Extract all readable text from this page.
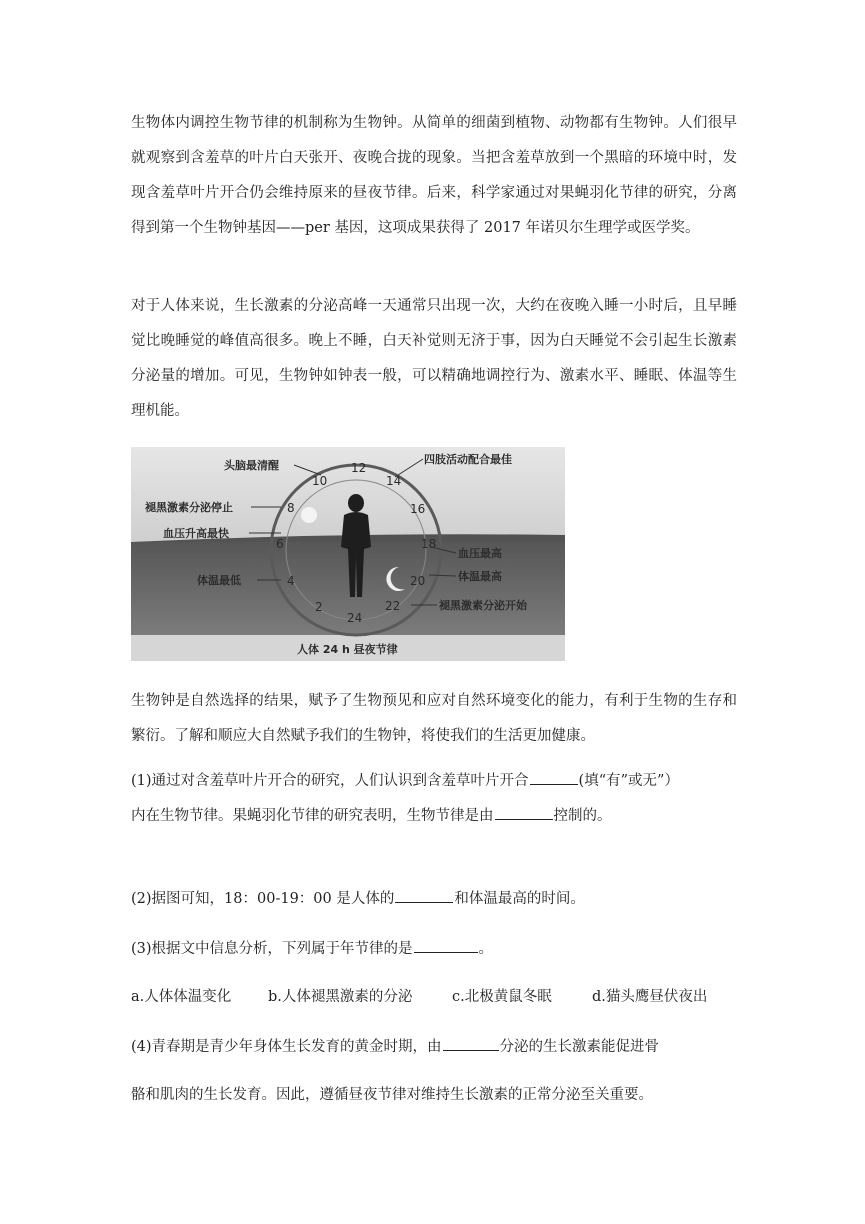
生物体内调控生物节律的机制称为生物钟。从简单的细菌到植物、动物都有生物钟。人们很早就观察到含羞草的叶片白天张开、夜晚合拢的现象。当把含羞草放到一个黑暗的环境中时，发现含羞草叶片开合仍会维持原来的昼夜节律。后来，科学家通过对果蝇羽化节律的研究，分离得到第一个生物钟基因——per 基因，这项成果获得了 2017 年诺贝尔生理学或医学奖。

对于人体来说，生长激素的分泌高峰一天通常只出现一次，大约在夜晚入睡一小时后，且早睡觉比晚睡觉的峰值高很多。晚上不睡，白天补觉则无济于事，因为白天睡觉不会引起生长激素分泌量的增加。可见，生物钟如钟表一般，可以精确地调控行为、激素水平、睡眠、体温等生理机能。

12
14
16
18
20
22
24
2
4
6
8
10
头脑最清醒	四肢活动配合最佳
褪黑激素分泌停止
血压升高最快
体温最低
血压最高
体温最高
褪黑激素分泌开始
人体 24 h 昼夜节律

生物钟是自然选择的结果，赋予了生物预见和应对自然环境变化的能力，有利于生物的生存和繁衍。了解和顺应大自然赋予我们的生物钟，将使我们的生活更加健康。

(1)通过对含羞草叶片开合的研究，人们认识到含羞草叶片开合	(填“有”或无”）
内在生物节律。果蝇羽化节律的研究表明，生物节律是由	控制的。
(2)据图可知，18：00-19：00 是人体的	和体温最高的时间。
(3)根据文中信息分析，下列属于年节律的是	。
a.人体体温变化	b.人体褪黑激素的分泌	c.北极黄鼠冬眠	d.猫头鹰昼伏夜出
(4)青春期是青少年身体生长发育的黄金时期，由	分泌的生长激素能促进骨
骼和肌肉的生长发育。因此，遵循昼夜节律对维持生长激素的正常分泌至关重要。
